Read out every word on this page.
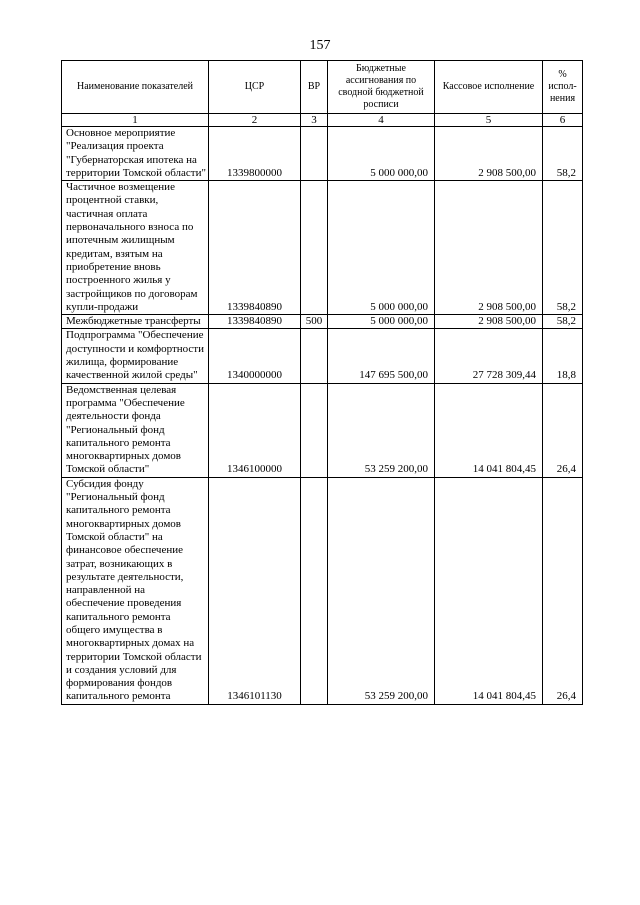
157
Наименование показателей	ЦСР	ВР	Бюджетные ассигнования по сводной бюджетной росписи	Кассовое исполнение	% испол-нения
1	2	3	4	5	6
Основное мероприятие "Реализация проекта "Губернаторская ипотека на территории Томской области"	1339800000		5 000 000,00	2 908 500,00	58,2
Частичное возмещение процентной ставки, частичная оплата первоначального взноса по ипотечным жилищным кредитам, взятым на приобретение вновь построенного жилья у застройщиков по договорам купли-продажи	1339840890		5 000 000,00	2 908 500,00	58,2
Межбюджетные трансферты	1339840890	500	5 000 000,00	2 908 500,00	58,2
Подпрограмма "Обеспечение доступности и комфортности жилища, формирование качественной жилой среды"	1340000000		147 695 500,00	27 728 309,44	18,8
Ведомственная целевая программа "Обеспечение деятельности фонда "Региональный фонд капитального ремонта многоквартирных домов Томской области"	1346100000		53 259 200,00	14 041 804,45	26,4
Субсидия фонду "Региональный фонд капитального ремонта многоквартирных домов Томской области" на финансовое обеспечение затрат, возникающих в результате деятельности, направленной на обеспечение проведения капитального ремонта общего имущества в многоквартирных домах на территории Томской области и создания условий для формирования фондов капитального ремонта	1346101130		53 259 200,00	14 041 804,45	26,4
